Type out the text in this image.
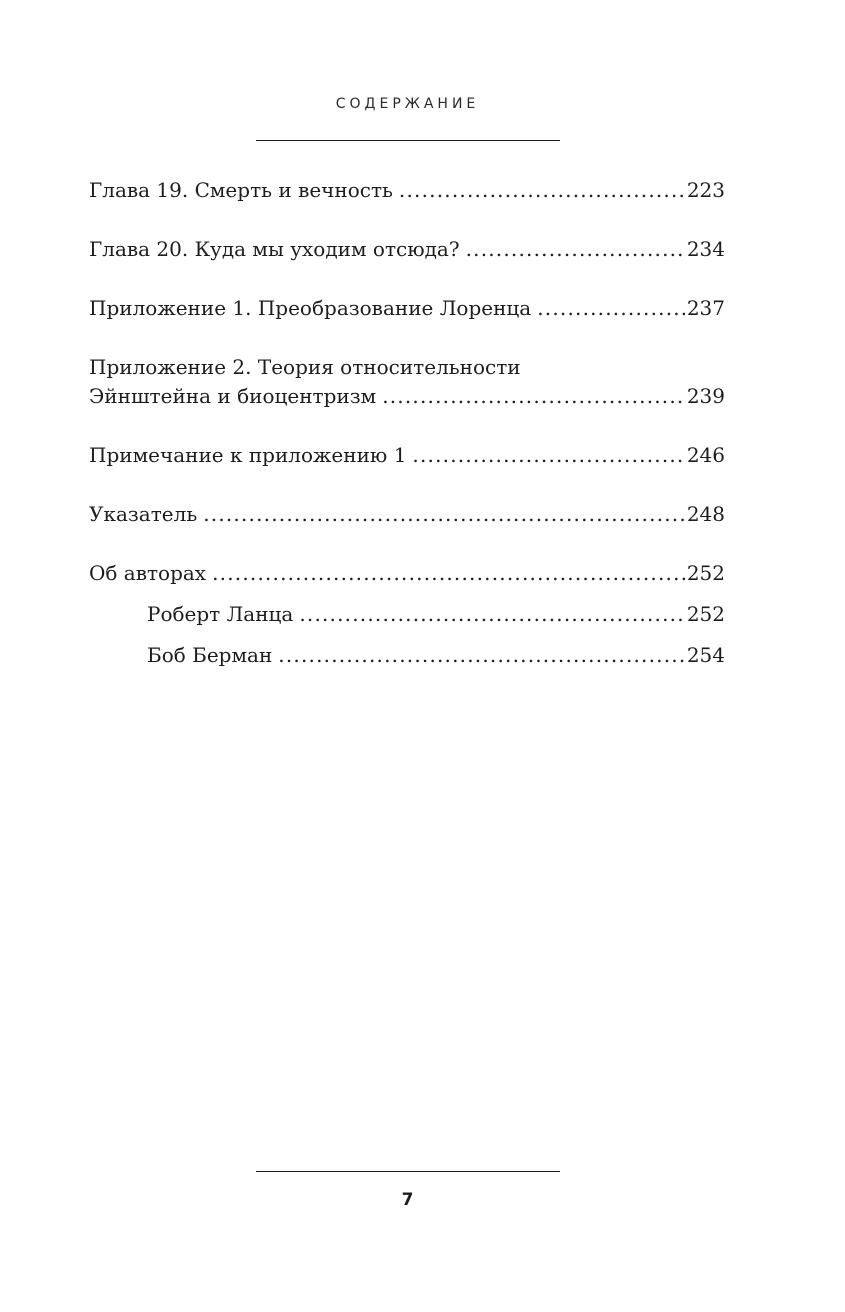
СОДЕРЖАНИЕ
Глава 19. Смерть и вечность .....	223
Глава 20. Куда мы уходим отсюда? .....	234
Приложение 1. Преобразование Лоренца .....	237
Приложение 2. Теория относительности
Эйнштейна и биоцентризм .....	239
Примечание к приложению 1 .....	246
Указатель .....	248
Об авторах .....	252
Роберт Ланца .....	252
Боб Берман .....	254
7
